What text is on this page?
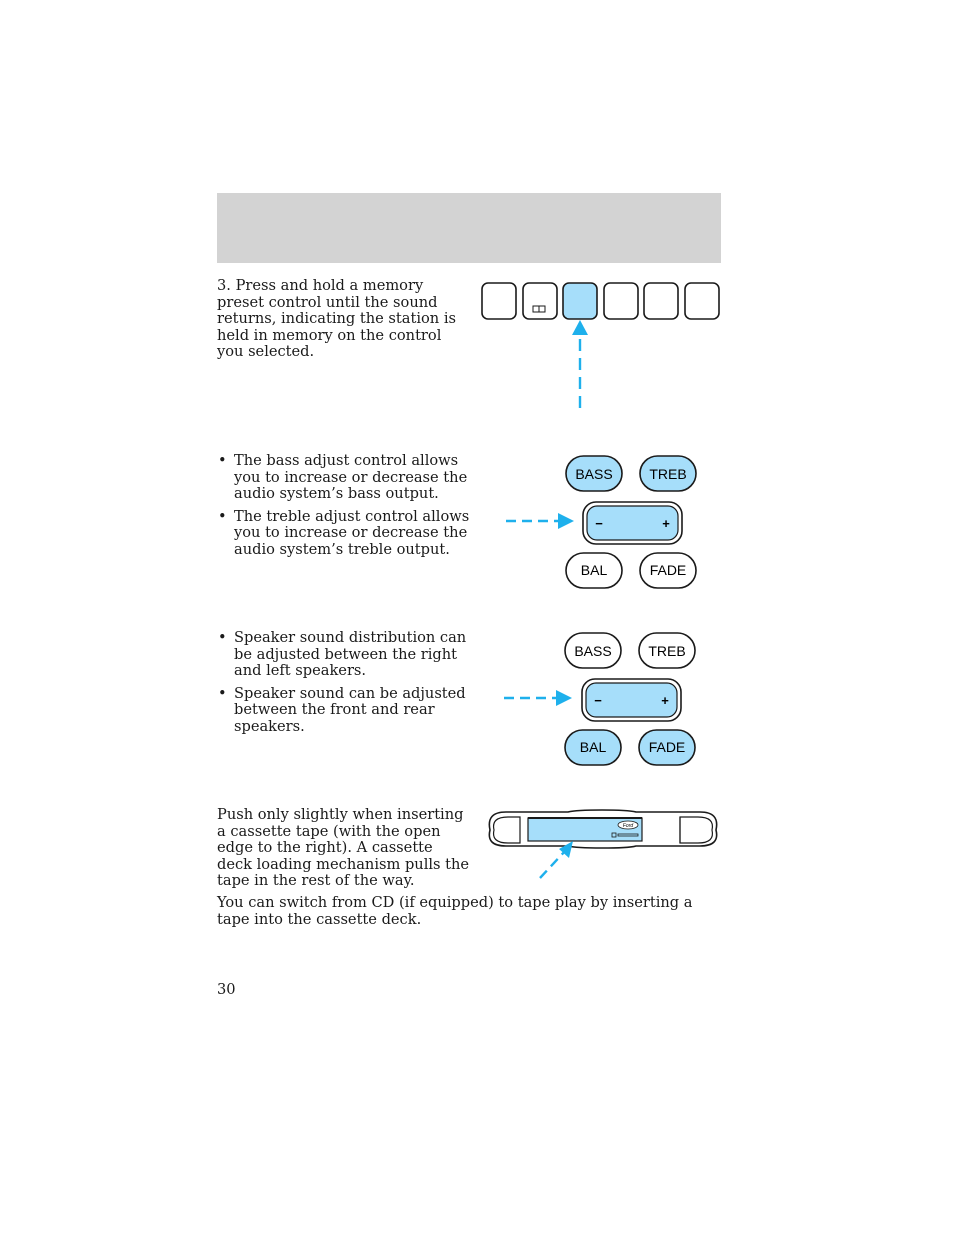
3. Press and hold a memory preset control until the sound returns, indicating the station is held in memory on the control you selected.
• The bass adjust control allows you to increase or decrease the audio system’s bass output.
• The treble adjust control allows you to increase or decrease the audio system’s treble output.
BASS	TREB
−	+
BAL	FADE
• Speaker sound distribution can be adjusted between the right and left speakers.
• Speaker sound can be adjusted between the front and rear speakers.
BASS	TREB
−	+
BAL	FADE
Push only slightly when inserting a cassette tape (with the open edge to the right). A cassette deck loading mechanism pulls the tape in the rest of the way.
Ford
You can switch from CD (if equipped) to tape play by inserting a tape into the cassette deck.
30
